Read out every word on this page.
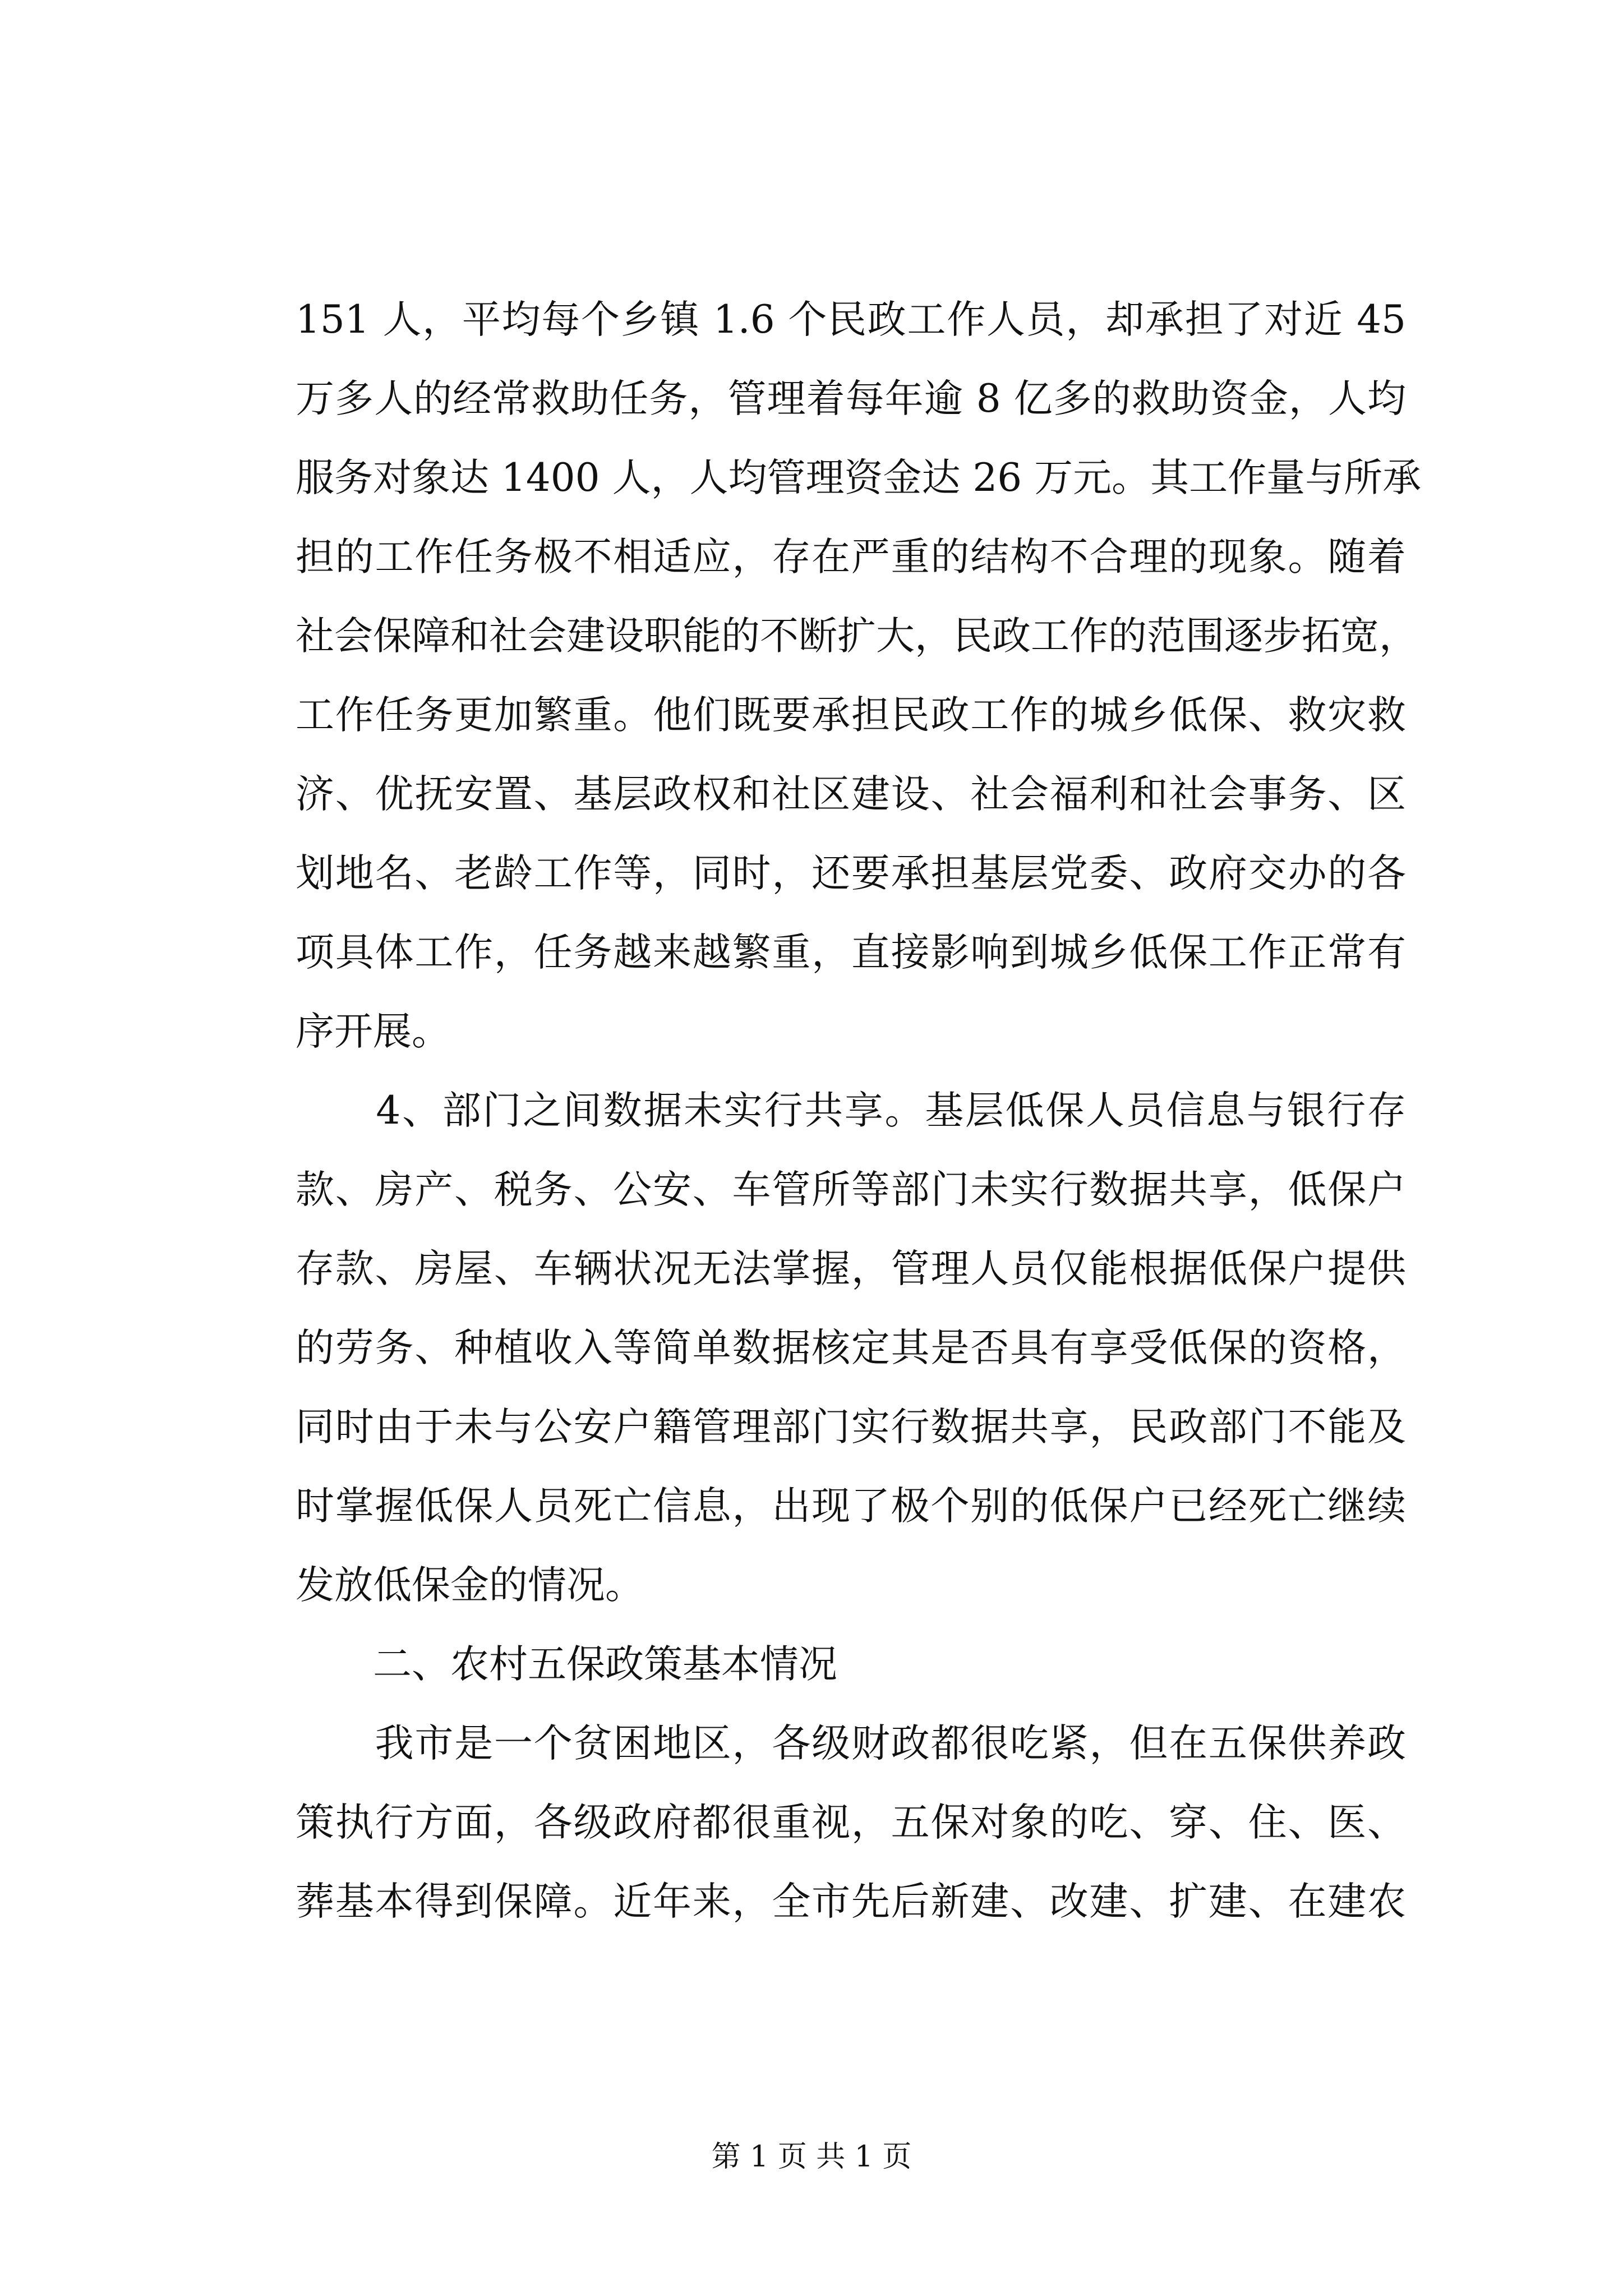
151 人，平均每个乡镇 1.6 个民政工作人员，却承担了对近 45
万多人的经常救助任务，管理着每年逾 8 亿多的救助资金，人均
服务对象达 1400 人，人均管理资金达 26 万元。其工作量与所承
担的工作任务极不相适应，存在严重的结构不合理的现象。随着
社会保障和社会建设职能的不断扩大，民政工作的范围逐步拓宽，
工作任务更加繁重。他们既要承担民政工作的城乡低保、救灾救
济、优抚安置、基层政权和社区建设、社会福利和社会事务、区
划地名、老龄工作等，同时，还要承担基层党委、政府交办的各
项具体工作，任务越来越繁重，直接影响到城乡低保工作正常有
序开展。
　　4、部门之间数据未实行共享。基层低保人员信息与银行存
款、房产、税务、公安、车管所等部门未实行数据共享，低保户
存款、房屋、车辆状况无法掌握，管理人员仅能根据低保户提供
的劳务、种植收入等简单数据核定其是否具有享受低保的资格，
同时由于未与公安户籍管理部门实行数据共享，民政部门不能及
时掌握低保人员死亡信息，出现了极个别的低保户已经死亡继续
发放低保金的情况。
　　二、农村五保政策基本情况
　　我市是一个贫困地区，各级财政都很吃紧，但在五保供养政
策执行方面，各级政府都很重视，五保对象的吃、穿、住、医、
葬基本得到保障。近年来，全市先后新建、改建、扩建、在建农
第 1 页 共 1 页
